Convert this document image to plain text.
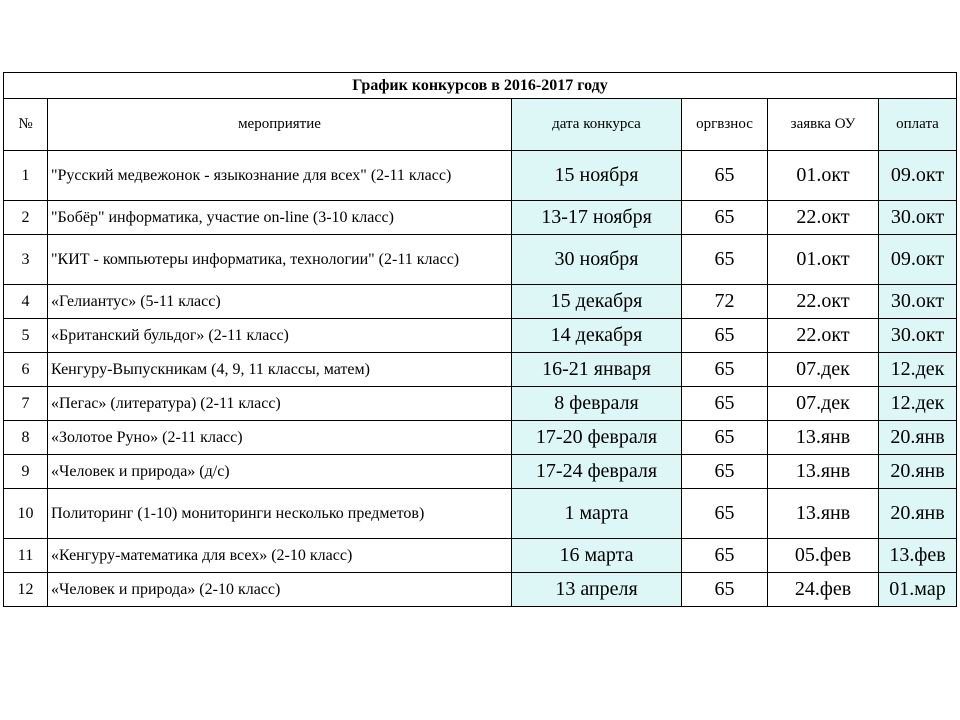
График конкурсов в 2016-2017 году					
№	мероприятие	дата конкурса	оргвзнос	заявка ОУ	оплата
1	"Русский медвежонок - языкознание для всех" (2-11 класс)	15 ноября	65	01.окт	09.окт
2	"Бобёр" информатика, участие on-line (3-10 класс)	13-17 ноября	65	22.окт	30.окт
3	"КИТ - компьютеры информатика, технологии" (2-11 класс)	30 ноября	65	01.окт	09.окт
4	«Гелиантус» (5-11 класс)	15 декабря	72	22.окт	30.окт
5	«Британский бульдог» (2-11 класс)	14 декабря	65	22.окт	30.окт
6	Кенгуру-Выпускникам (4, 9, 11 классы, матем)	16-21 января	65	07.дек	12.дек
7	«Пегас» (литература) (2-11 класс)	8 февраля	65	07.дек	12.дек
8	«Золотое Руно» (2-11 класс)	17-20 февраля	65	13.янв	20.янв
9	«Человек и природа» (д/с)	17-24 февраля	65	13.янв	20.янв
10	Политоринг (1-10) мониторинги несколько предметов)	1 марта	65	13.янв	20.янв
11	«Кенгуру-математика для всех» (2-10 класс)	16 марта	65	05.фев	13.фев
12	«Человек и природа» (2-10 класс)	13 апреля	65	24.фев	01.мар
